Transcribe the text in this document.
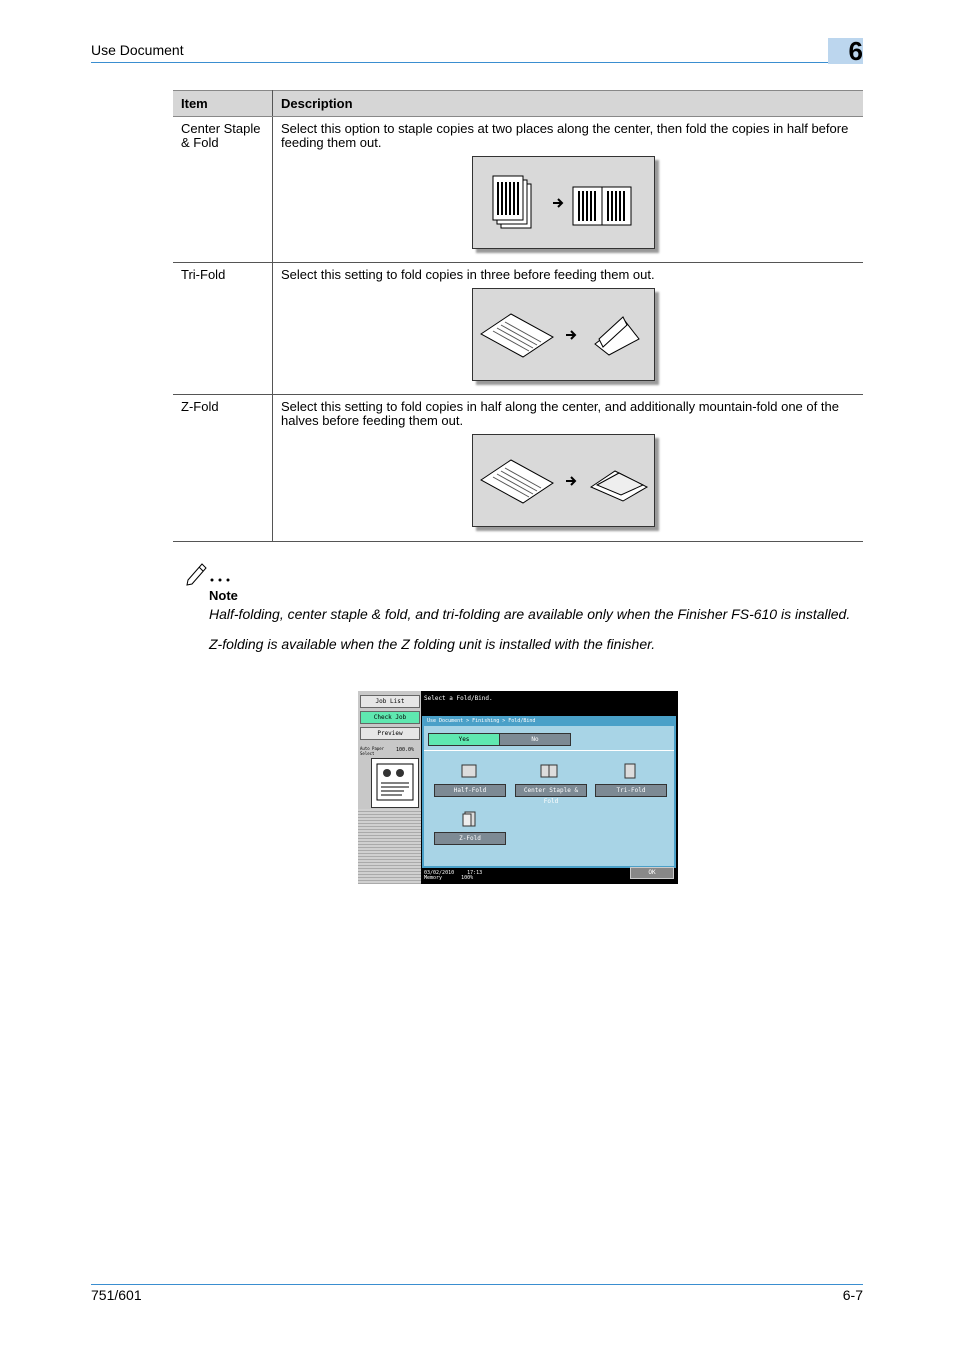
Use Document	6
Item	Description
Center Staple & Fold	Select this option to staple copies at two places along the center, then fold the copies in half before feeding them out.

Tri-Fold	Select this setting to fold copies in three before feeding them out.

Z-Fold	Select this setting to fold copies in half along the center, and additionally mountain-fold one of the halves before feeding them out.
Note
Half-folding, center staple & fold, and tri-folding are available only when the Finisher FS-610 is installed.
Z-folding is available when the Z folding unit is installed with the finisher.
Job List
Check Job
Preview
Auto Paper Select
100.0%
Select a Fold/Bind.
Use Document > Finishing > Fold/Bind
Yes	No
Half-Fold	Center Staple & Fold
Tri-Fold
Z-Fold
03/02/2010	17:13
Memory	100%
OK
751/601	6-7
